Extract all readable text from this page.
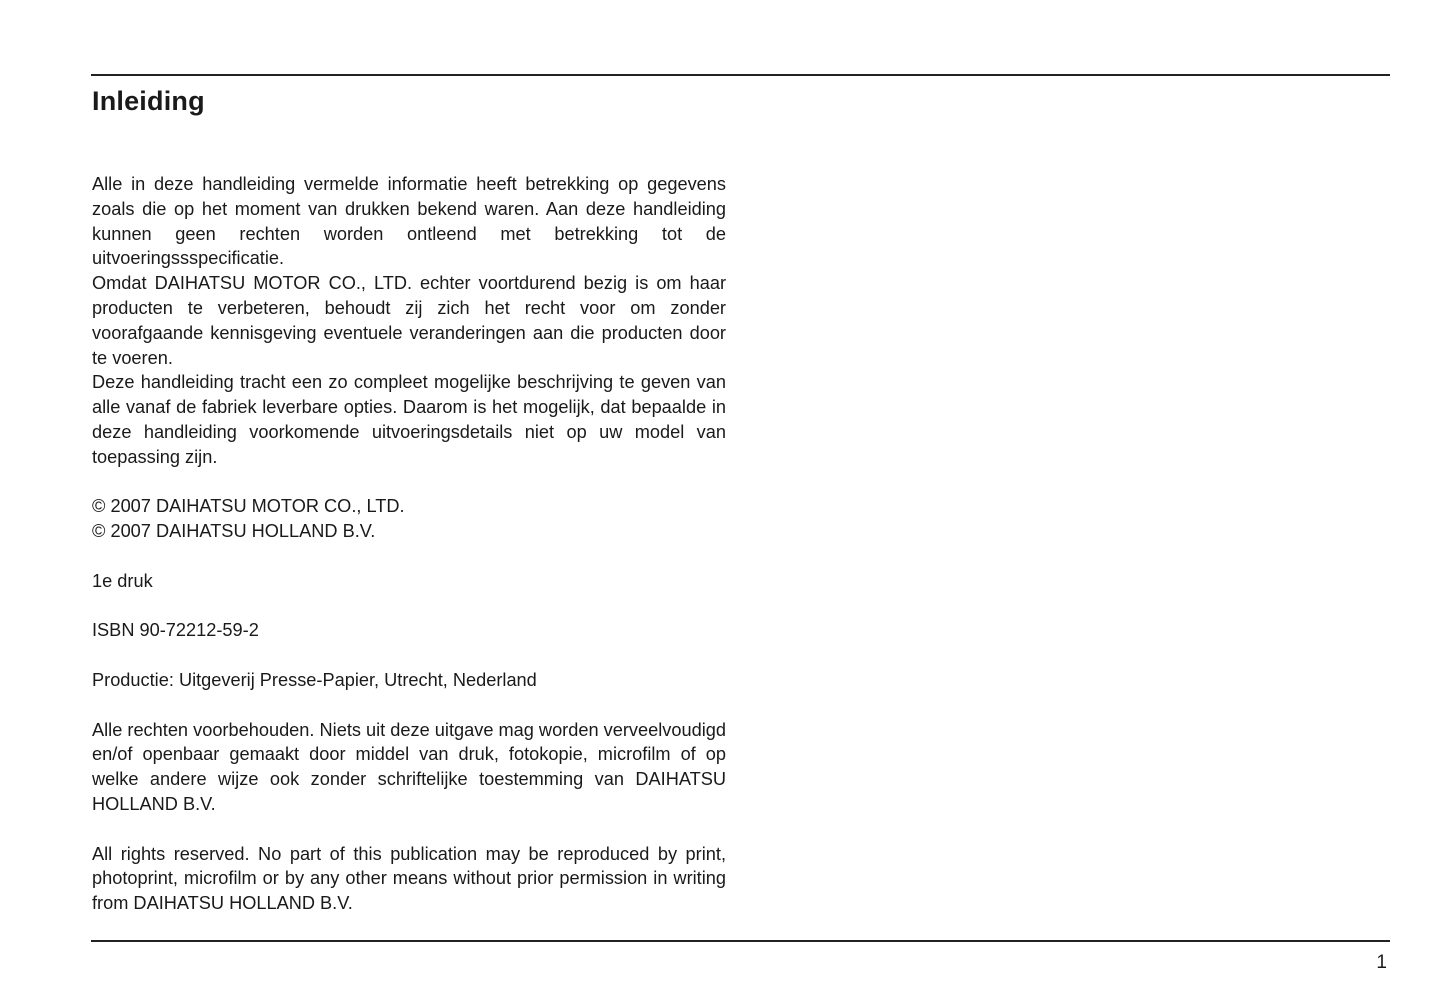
Inleiding

Alle in deze handleiding vermelde informatie heeft betrekking op gegevens zoals die op het moment van drukken bekend waren. Aan deze handleiding kunnen geen rechten worden ontleend met betrekking tot de uitvoeringssspecificatie.

Omdat DAIHATSU MOTOR CO., LTD. echter voortdurend bezig is om haar producten te verbeteren, behoudt zij zich het recht voor om zonder voorafgaande kennisgeving eventuele veranderingen aan die producten door te voeren.

Deze handleiding tracht een zo compleet mogelijke beschrijving te geven van alle vanaf de fabriek leverbare opties. Daarom is het mogelijk, dat bepaalde in deze handleiding voorkomende uitvoeringsdetails niet op uw model van toepassing zijn.

© 2007 DAIHATSU MOTOR CO., LTD.

© 2007 DAIHATSU HOLLAND B.V.

1e druk

ISBN 90-72212-59-2

Productie: Uitgeverij Presse-Papier, Utrecht, Nederland

Alle rechten voorbehouden. Niets uit deze uitgave mag worden verveelvoudigd en/of openbaar gemaakt door middel van druk, fotokopie, microfilm of op welke andere wijze ook zonder schriftelijke toestemming van DAIHATSU HOLLAND B.V.

All rights reserved. No part of this publication may be reproduced by print, photoprint, microfilm or by any other means without prior permission in writing from DAIHATSU HOLLAND B.V.

1
